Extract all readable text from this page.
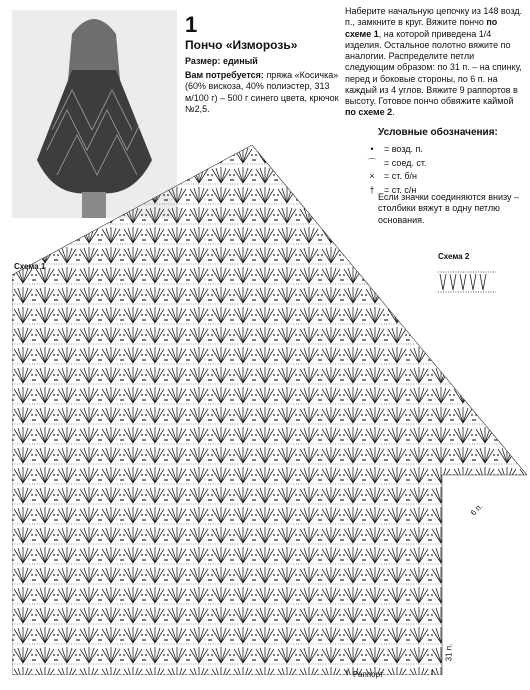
1
Пончо «Изморозь»
Размер: единый
Вам потребуется: пряжа «Косичка» (60% вискоза, 40% полиэстер, 313 м/100 г) – 500 г синего цвета, крючок №2,5.
Наберите начальную цепочку из 148 возд. п., замкните в круг. Вяжите пончо по схеме 1, на которой приведена 1/4 изделия. Остальное полотно вяжите по аналогии. Распределите петли следующим образом: по 31 п. – на спинку, перед и боковые стороны, по 6 п. на каждый из 4 углов. Вяжите 9 раппортов в высоту. Готовое пончо обвяжите каймой по схеме 2.
Условные обозначения:
•	= возд. п.
⌒ = соед. ст.
×	= ст. б/н
†	= ст. с/н
Если значки соединяются внизу – столбики вяжут в одну петлю основания.
Схема 1
Схема 2
Раппорт
31 п.
6 п.
